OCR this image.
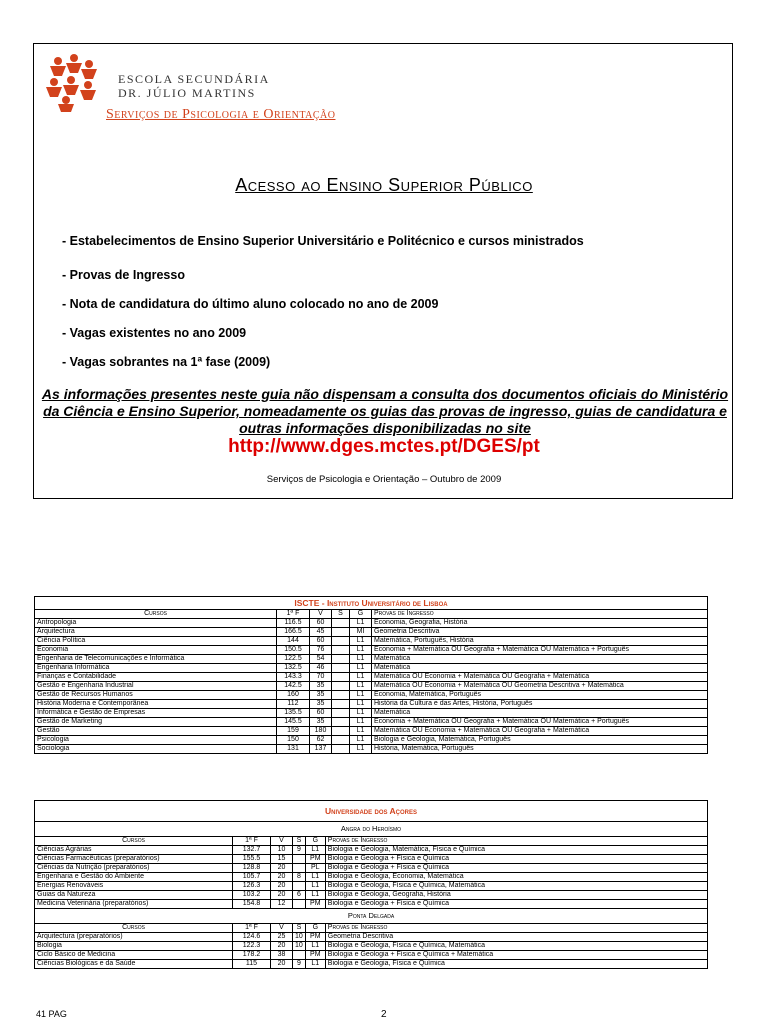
ESCOLA SECUNDÁRIA
DR. JÚLIO MARTINS
Serviços de Psicologia e Orientação
Acesso ao Ensino Superior Público
- Estabelecimentos de Ensino Superior Universitário e Politécnico e cursos ministrados
- Provas de Ingresso
- Nota de candidatura do último aluno colocado no ano de 2009
- Vagas existentes no ano 2009
- Vagas sobrantes na 1ª fase (2009)
As informações presentes neste guia não dispensam a consulta dos documentos oficiais do Ministério da Ciência e Ensino Superior, nomeadamente os guias das provas de ingresso, guias de candidatura e outras informações disponibilizadas no site
http://www.dges.mctes.pt/DGES/pt
Serviços de Psicologia e Orientação – Outubro de 2009
ISCTE - Instituto Universitário de Lisboa					
Cursos	1ª F	V	S	G	Provas de Ingresso
Antropologia	116.5	60		L1	Economia, Geografia, História
Arquitectura	166.5	45		MI	Geometria Descritiva
Ciência Política	144	60		L1	Matemática, Português, História
Economia	150.5	76		L1	Economia + Matemática OU Geografia + Matemática OU Matemática + Português
Engenharia de Telecomunicações e Informática	122.5	54		L1	Matemática
Engenharia Informática	132.5	46		L1	Matemática
Finanças e Contabilidade	143.3	70		L1	Matemática OU Economia + Matemática OU Geografia + Matemática
Gestão e Engenharia Industrial	142.5	35		L1	Matemática OU Economia + Matemática OU Geometria Descritiva + Matemática
Gestão de Recursos Humanos	160	35		L1	Economia, Matemática, Português
História Moderna e Contemporânea	112	35		L1	História da Cultura e das Artes, História, Português
Informática e Gestão de Empresas	135.5	60		L1	Matemática
Gestão de Marketing	145.5	35		L1	Economia + Matemática OU Geografia + Matemática OU Matemática + Português
Gestão	159	180		L1	Matemática OU Economia + Matemática OU Geografia + Matemática
Psicologia	150	62		L1	Biologia e Geologia, Matemática, Português
Sociologia	131	137		L1	História, Matemática, Português
Universidade dos Açores					
Angra do Heroísmo					
Cursos	1ª F	V	S	G	Provas de Ingresso
Ciências Agrárias	132.7	10	9	L1	Biologia e Geologia, Matemática, Física e Química
Ciências Farmacêuticas (preparatórios)	155.5	15		PM	Biologia e Geologia + Física e Química
Ciências da Nutrição (preparatórios)	128.8	20		PL	Biologia e Geologia + Física e Química
Engenharia e Gestão do Ambiente	105.7	20	8	L1	Biologia e Geologia, Economia, Matemática
Energias Renováveis	126.3	20		L1	Biologia e Geologia, Física e Química, Matemática
Guias da Natureza	103.2	20	6	L1	Biologia e Geologia, Geografia, História
Medicina Veterinária (preparatórios)	154.8	12		PM	Biologia e Geologia + Física e Química
Ponta Delgada					
Cursos	1ª F	V	S	G	Provas de Ingresso
Arquitectura (preparatórios)	124.6	25	10	PM	Geometria Descritiva
Biologia	122.3	20	10	L1	Biologia e Geologia, Física e Química, Matemática
Ciclo Básico de Medicina	178.2	38		PM	Biologia e Geologia + Física e Química + Matemática
Ciências Biológicas e da Saúde	115	20	9	L1	Biologia e Geologia, Física e Química
41 PAG	2
